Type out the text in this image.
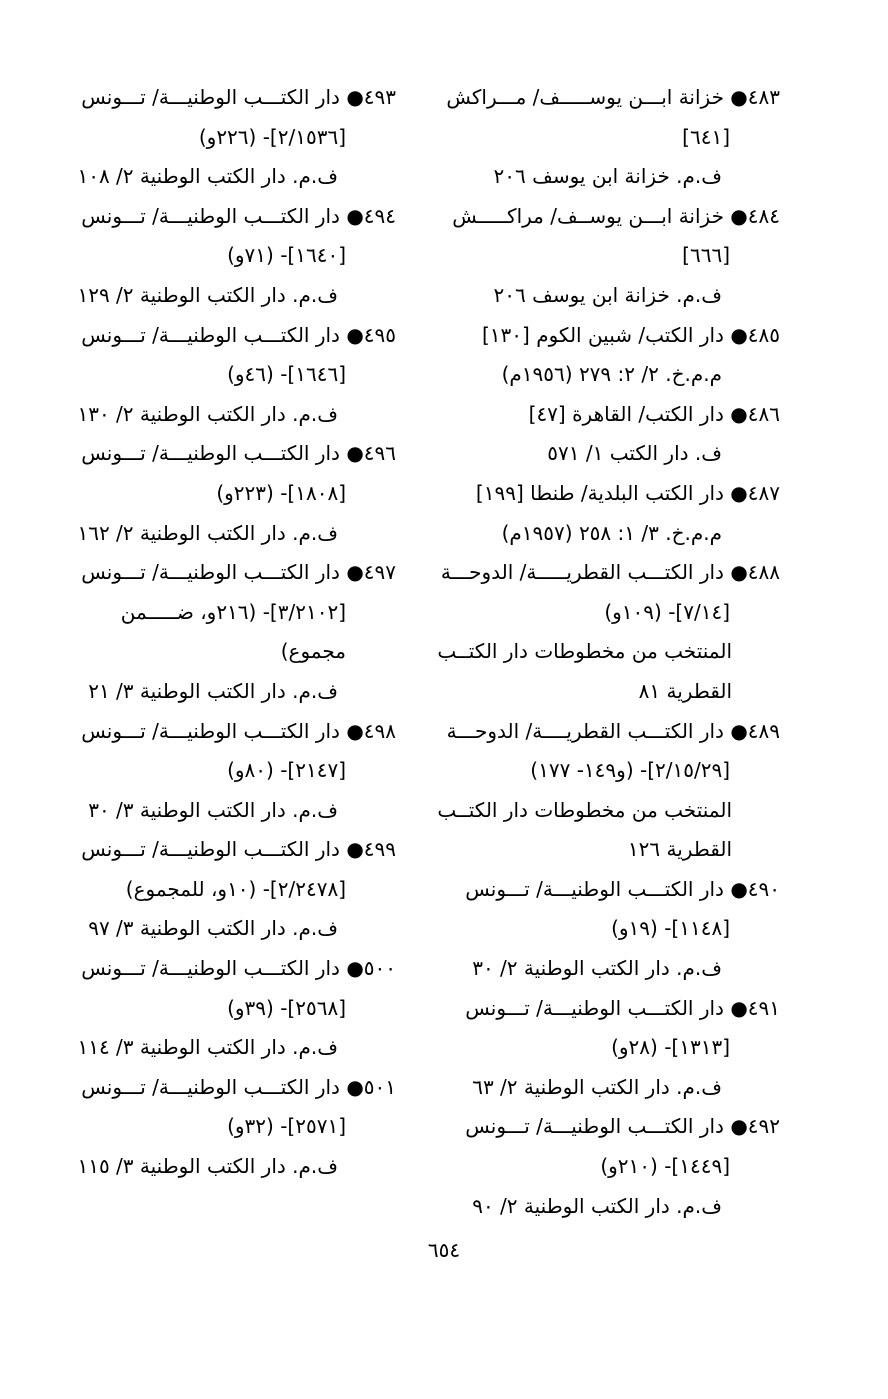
٤٨٣● خزانة ابـــن يوســـــف/ مـــراكش
[٦٤١]
ف.م. خزانة ابن يوسف ٢٠٦
٤٨٤● خزانة ابـــن يوســف/ مراكـــــش
[٦٦٦]
ف.م. خزانة ابن يوسف ٢٠٦
٤٨٥● دار الكتب/ شبين الكوم [١٣٠]
م.م.خ. ٢/ ٢: ٢٧٩ (١٩٥٦م)
٤٨٦● دار الكتب/ القاهرة [٤٧]
ف. دار الكتب ١/ ٥٧١
٤٨٧● دار الكتب البلدية/ طنطا [١٩٩]
م.م.خ. ٣/ ١: ٢٥٨ (١٩٥٧م)
٤٨٨● دار الكتـــب القطريـــــة/ الدوحـــة
[٧/١٤]- (١٠٩و)
المنتخب من مخطوطات دار الكتــب القطرية ٨١
٤٨٩● دار الكتـــب القطريــــة/ الدوحـــة
[٢/١٥/٢٩]- (و١٤٩- ١٧٧)
المنتخب من مخطوطات دار الكتــب القطرية ١٢٦
٤٩٠● دار الكتـــب الوطنيـــة/ تـــونس
[١١٤٨]- (١٩و)
ف.م. دار الكتب الوطنية ٢/ ٣٠
٤٩١● دار الكتـــب الوطنيـــة/ تـــونس
[١٣١٣]- (٢٨و)
ف.م. دار الكتب الوطنية ٢/ ٦٣
٤٩٢● دار الكتـــب الوطنيـــة/ تـــونس
[١٤٤٩]- (٢١٠و)
ف.م. دار الكتب الوطنية ٢/ ٩٠
٤٩٣● دار الكتـــب الوطنيـــة/ تـــونس
[٢/١٥٣٦]- (٢٢٦و)
ف.م. دار الكتب الوطنية ٢/ ١٠٨
٤٩٤● دار الكتـــب الوطنيـــة/ تـــونس
[١٦٤٠]- (٧١و)
ف.م. دار الكتب الوطنية ٢/ ١٢٩
٤٩٥● دار الكتـــب الوطنيـــة/ تـــونس
[١٦٤٦]- (٤٦و)
ف.م. دار الكتب الوطنية ٢/ ١٣٠
٤٩٦● دار الكتـــب الوطنيـــة/ تـــونس
[١٨٠٨]- (٢٢٣و)
ف.م. دار الكتب الوطنية ٢/ ١٦٢
٤٩٧● دار الكتـــب الوطنيـــة/ تـــونس
[٣/٢١٠٢]- (٢١٦و، ضـــــمن مجموع)
ف.م. دار الكتب الوطنية ٣/ ٢١
٤٩٨● دار الكتـــب الوطنيـــة/ تـــونس
[٢١٤٧]- (٨٠و)
ف.م. دار الكتب الوطنية ٣/ ٣٠
٤٩٩● دار الكتـــب الوطنيـــة/ تـــونس
[٢/٢٤٧٨]- (١٠و، للمجموع)
ف.م. دار الكتب الوطنية ٣/ ٩٧
٥٠٠● دار الكتـــب الوطنيـــة/ تـــونس
[٢٥٦٨]- (٣٩و)
ف.م. دار الكتب الوطنية ٣/ ١١٤
٥٠١● دار الكتـــب الوطنيـــة/ تـــونس
[٢٥٧١]- (٣٢و)
ف.م. دار الكتب الوطنية ٣/ ١١٥
٦٥٤
